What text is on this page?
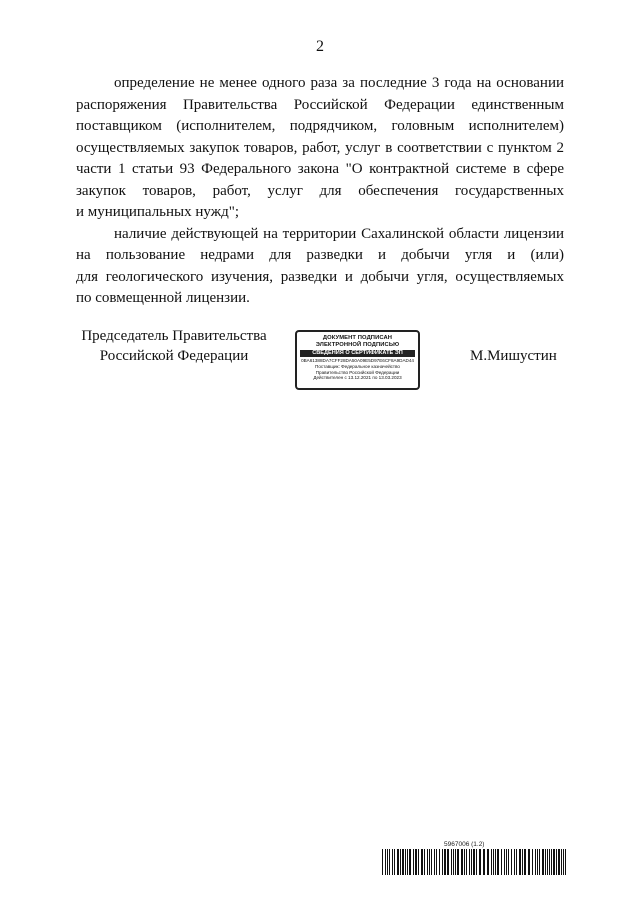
2
определение не менее одного раза за последние 3 года на основании
распоряжения Правительства Российской Федерации единственным
поставщиком (исполнителем, подрядчиком, головным исполнителем)
осуществляемых закупок товаров, работ, услуг в соответствии с пунктом 2
части 1 статьи 93 Федерального закона "О контрактной системе в сфере
закупок товаров, работ, услуг для обеспечения государственных
и муниципальных нужд";
наличие действующей на территории Сахалинской области лицензии
на пользование недрами для разведки и добычи угля и (или)
для геологического изучения, разведки и добычи угля, осуществляемых
по совмещенной лицензии.
Председатель Правительства
Российской Федерации
ДОКУМЕНТ ПОДПИСАН
ЭЛЕКТРОННОЙ ПОДПИСЬЮ
СВЕДЕНИЯ О СЕРТИФИКАТЕ ЭП
0BA61388DA7CFF28DA50A09E5D97E6CF8A9DAD44
Поставщик: Федеральное казначейство
Правительство Российской Федерации
Действителен с 13.12.2021 по 13.03.2023
М.Мишустин
5967006 (1.2)
